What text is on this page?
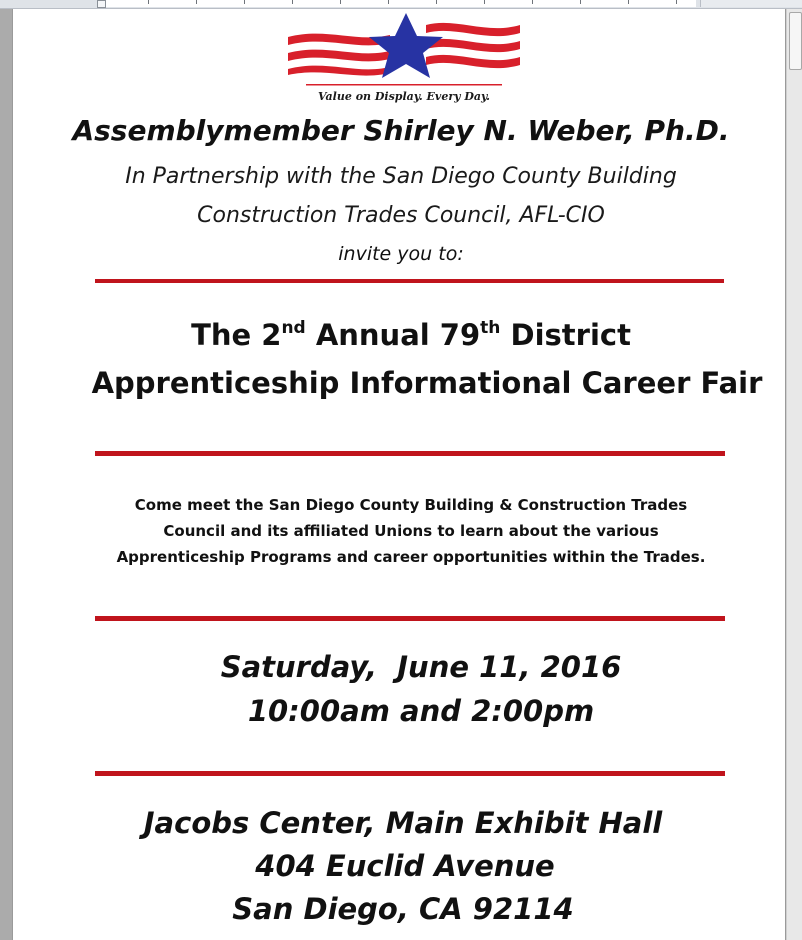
Value on Display. Every Day.
Assemblymember Shirley N. Weber, Ph.D.
In Partnership with the San Diego County Building
Construction Trades Council, AFL-CIO
invite you to:
The 2nd Annual 79th District
Apprenticeship Informational Career Fair
Come meet the San Diego County Building & Construction Trades
Council and its affiliated Unions to learn about the various
Apprenticeship Programs and career opportunities within the Trades.
Saturday,  June 11, 2016
10:00am and 2:00pm
Jacobs Center, Main Exhibit Hall
404 Euclid Avenue
San Diego, CA 92114
